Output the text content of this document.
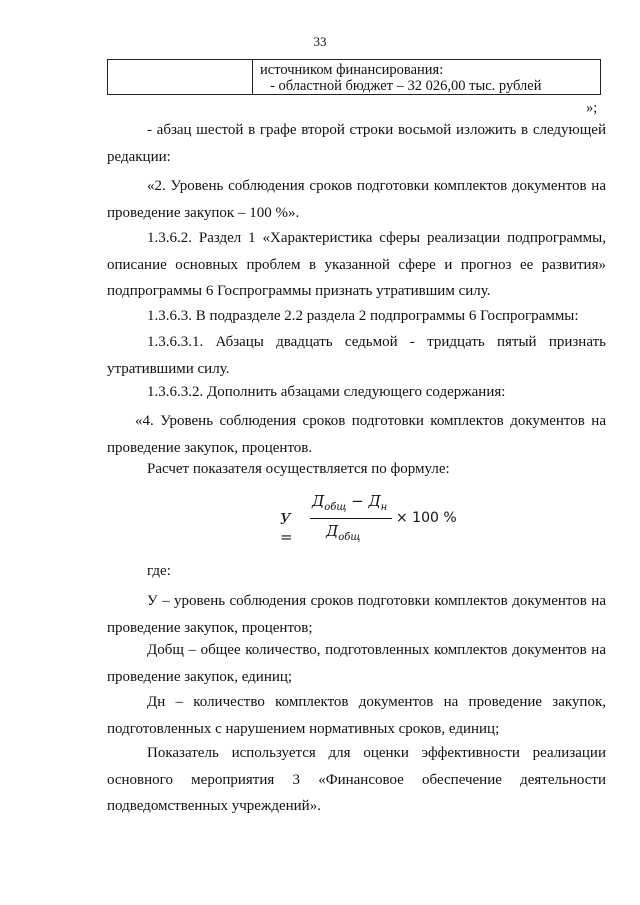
33
источником финансирования:
- областной бюджет – 32 026,00 тыс. рублей
»;
- абзац шестой в графе второй строки восьмой изложить в следующей редакции:
«2. Уровень соблюдения сроков подготовки комплектов документов на проведение закупок – 100 %».
1.3.6.2. Раздел 1 «Характеристика сферы реализации подпрограммы, описание основных проблем в указанной сфере и прогноз ее развития» подпрограммы 6 Госпрограммы признать утратившим силу.
1.3.6.3. В подразделе 2.2 раздела 2 подпрограммы 6 Госпрограммы:
1.3.6.3.1. Абзацы двадцать седьмой - тридцать пятый признать утратившими силу.
1.3.6.3.2. Дополнить абзацами следующего содержания:
«4. Уровень соблюдения сроков подготовки комплектов документов на проведение закупок, процентов.
Расчет показателя осуществляется по формуле:
У =
$Д_{общ} - Д_н$
$Д_{общ}$
× 100 %
где:
У – уровень соблюдения сроков подготовки комплектов документов на проведение закупок, процентов;
Добщ – общее количество, подготовленных комплектов документов на проведение закупок, единиц;
Дн – количество комплектов документов на проведение закупок, подготовленных с нарушением нормативных сроков, единиц;
Показатель используется для оценки эффективности реализации основного мероприятия 3 «Финансовое обеспечение деятельности подведомственных учреждений».
